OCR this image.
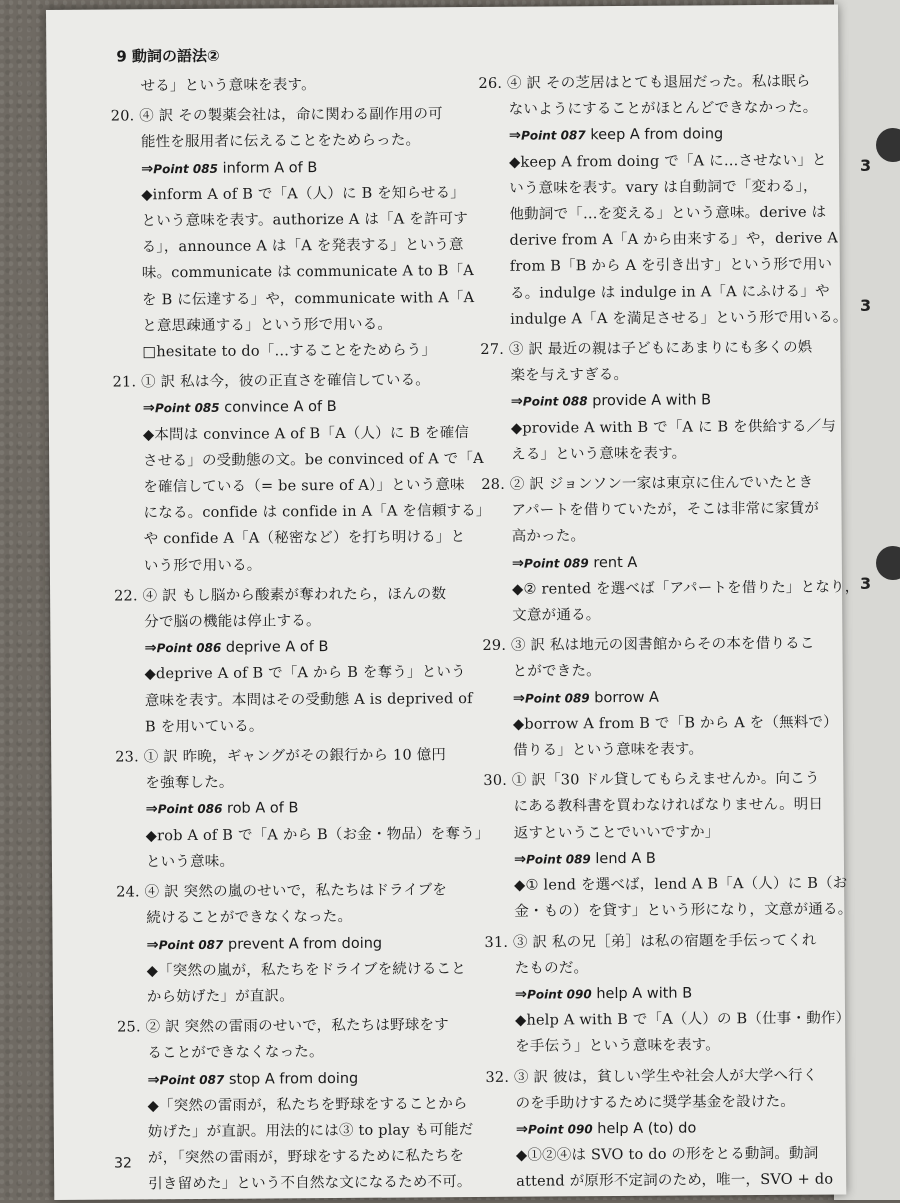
3
3
3
9 動詞の語法②
せる」という意味を表す。
20. ④ 訳 その製薬会社は，命に関わる副作用の可
能性を服用者に伝えることをためらった。
⇒Point 085 inform A of B
◆inform A of B で「A（人）に B を知らせる」
という意味を表す。authorize A は「A を許可す
る」，announce A は「A を発表する」という意
味。communicate は communicate A to B「A
を B に伝達する」や，communicate with A「A
と意思疎通する」という形で用いる。
□hesitate to do「…することをためらう」
21. ① 訳 私は今，彼の正直さを確信している。
⇒Point 085 convince A of B
◆本問は convince A of B「A（人）に B を確信
させる」の受動態の文。be convinced of A で「A
を確信している（= be sure of A）」という意味
になる。confide は confide in A「A を信頼する」
や confide A「A（秘密など）を打ち明ける」と
いう形で用いる。
22. ④ 訳 もし脳から酸素が奪われたら，ほんの数
分で脳の機能は停止する。
⇒Point 086 deprive A of B
◆deprive A of B で「A から B を奪う」という
意味を表す。本問はその受動態 A is deprived of
B を用いている。
23. ① 訳 昨晩，ギャングがその銀行から 10 億円
を強奪した。
⇒Point 086 rob A of B
◆rob A of B で「A から B（お金・物品）を奪う」
という意味。
24. ④ 訳 突然の嵐のせいで，私たちはドライブを
続けることができなくなった。
⇒Point 087 prevent A from doing
◆「突然の嵐が，私たちをドライブを続けること
から妨げた」が直訳。
25. ② 訳 突然の雷雨のせいで，私たちは野球をす
ることができなくなった。
⇒Point 087 stop A from doing
◆「突然の雷雨が，私たちを野球をすることから
妨げた」が直訳。用法的には③ to play も可能だ
が，「突然の雷雨が，野球をするために私たちを
引き留めた」という不自然な文になるため不可。
26. ④ 訳 その芝居はとても退屈だった。私は眠ら
ないようにすることがほとんどできなかった。
⇒Point 087 keep A from doing
◆keep A from doing で「A に…させない」と
いう意味を表す。vary は自動詞で「変わる」，
他動詞で「…を変える」という意味。derive は
derive from A「A から由来する」や，derive A
from B「B から A を引き出す」という形で用い
る。indulge は indulge in A「A にふける」や
indulge A「A を満足させる」という形で用いる。
27. ③ 訳 最近の親は子どもにあまりにも多くの娯
楽を与えすぎる。
⇒Point 088 provide A with B
◆provide A with B で「A に B を供給する／与
える」という意味を表す。
28. ② 訳 ジョンソン一家は東京に住んでいたとき
アパートを借りていたが，そこは非常に家賃が
高かった。
⇒Point 089 rent A
◆② rented を選べば「アパートを借りた」となり，
文意が通る。
29. ③ 訳 私は地元の図書館からその本を借りるこ
とができた。
⇒Point 089 borrow A
◆borrow A from B で「B から A を（無料で）
借りる」という意味を表す。
30. ① 訳「30 ドル貸してもらえませんか。向こう
にある教科書を買わなければなりません。明日
返すということでいいですか」
⇒Point 089 lend A B
◆① lend を選べば，lend A B「A（人）に B（お
金・もの）を貸す」という形になり，文意が通る。
31. ③ 訳 私の兄［弟］は私の宿題を手伝ってくれ
たものだ。
⇒Point 090 help A with B
◆help A with B で「A（人）の B（仕事・動作）
を手伝う」という意味を表す。
32. ③ 訳 彼は，貧しい学生や社会人が大学へ行く
のを手助けするために奨学基金を設けた。
⇒Point 090 help A (to) do
◆①②④は SVO to do の形をとる動詞。動詞
attend が原形不定詞のため，唯一，SVO + do
32
